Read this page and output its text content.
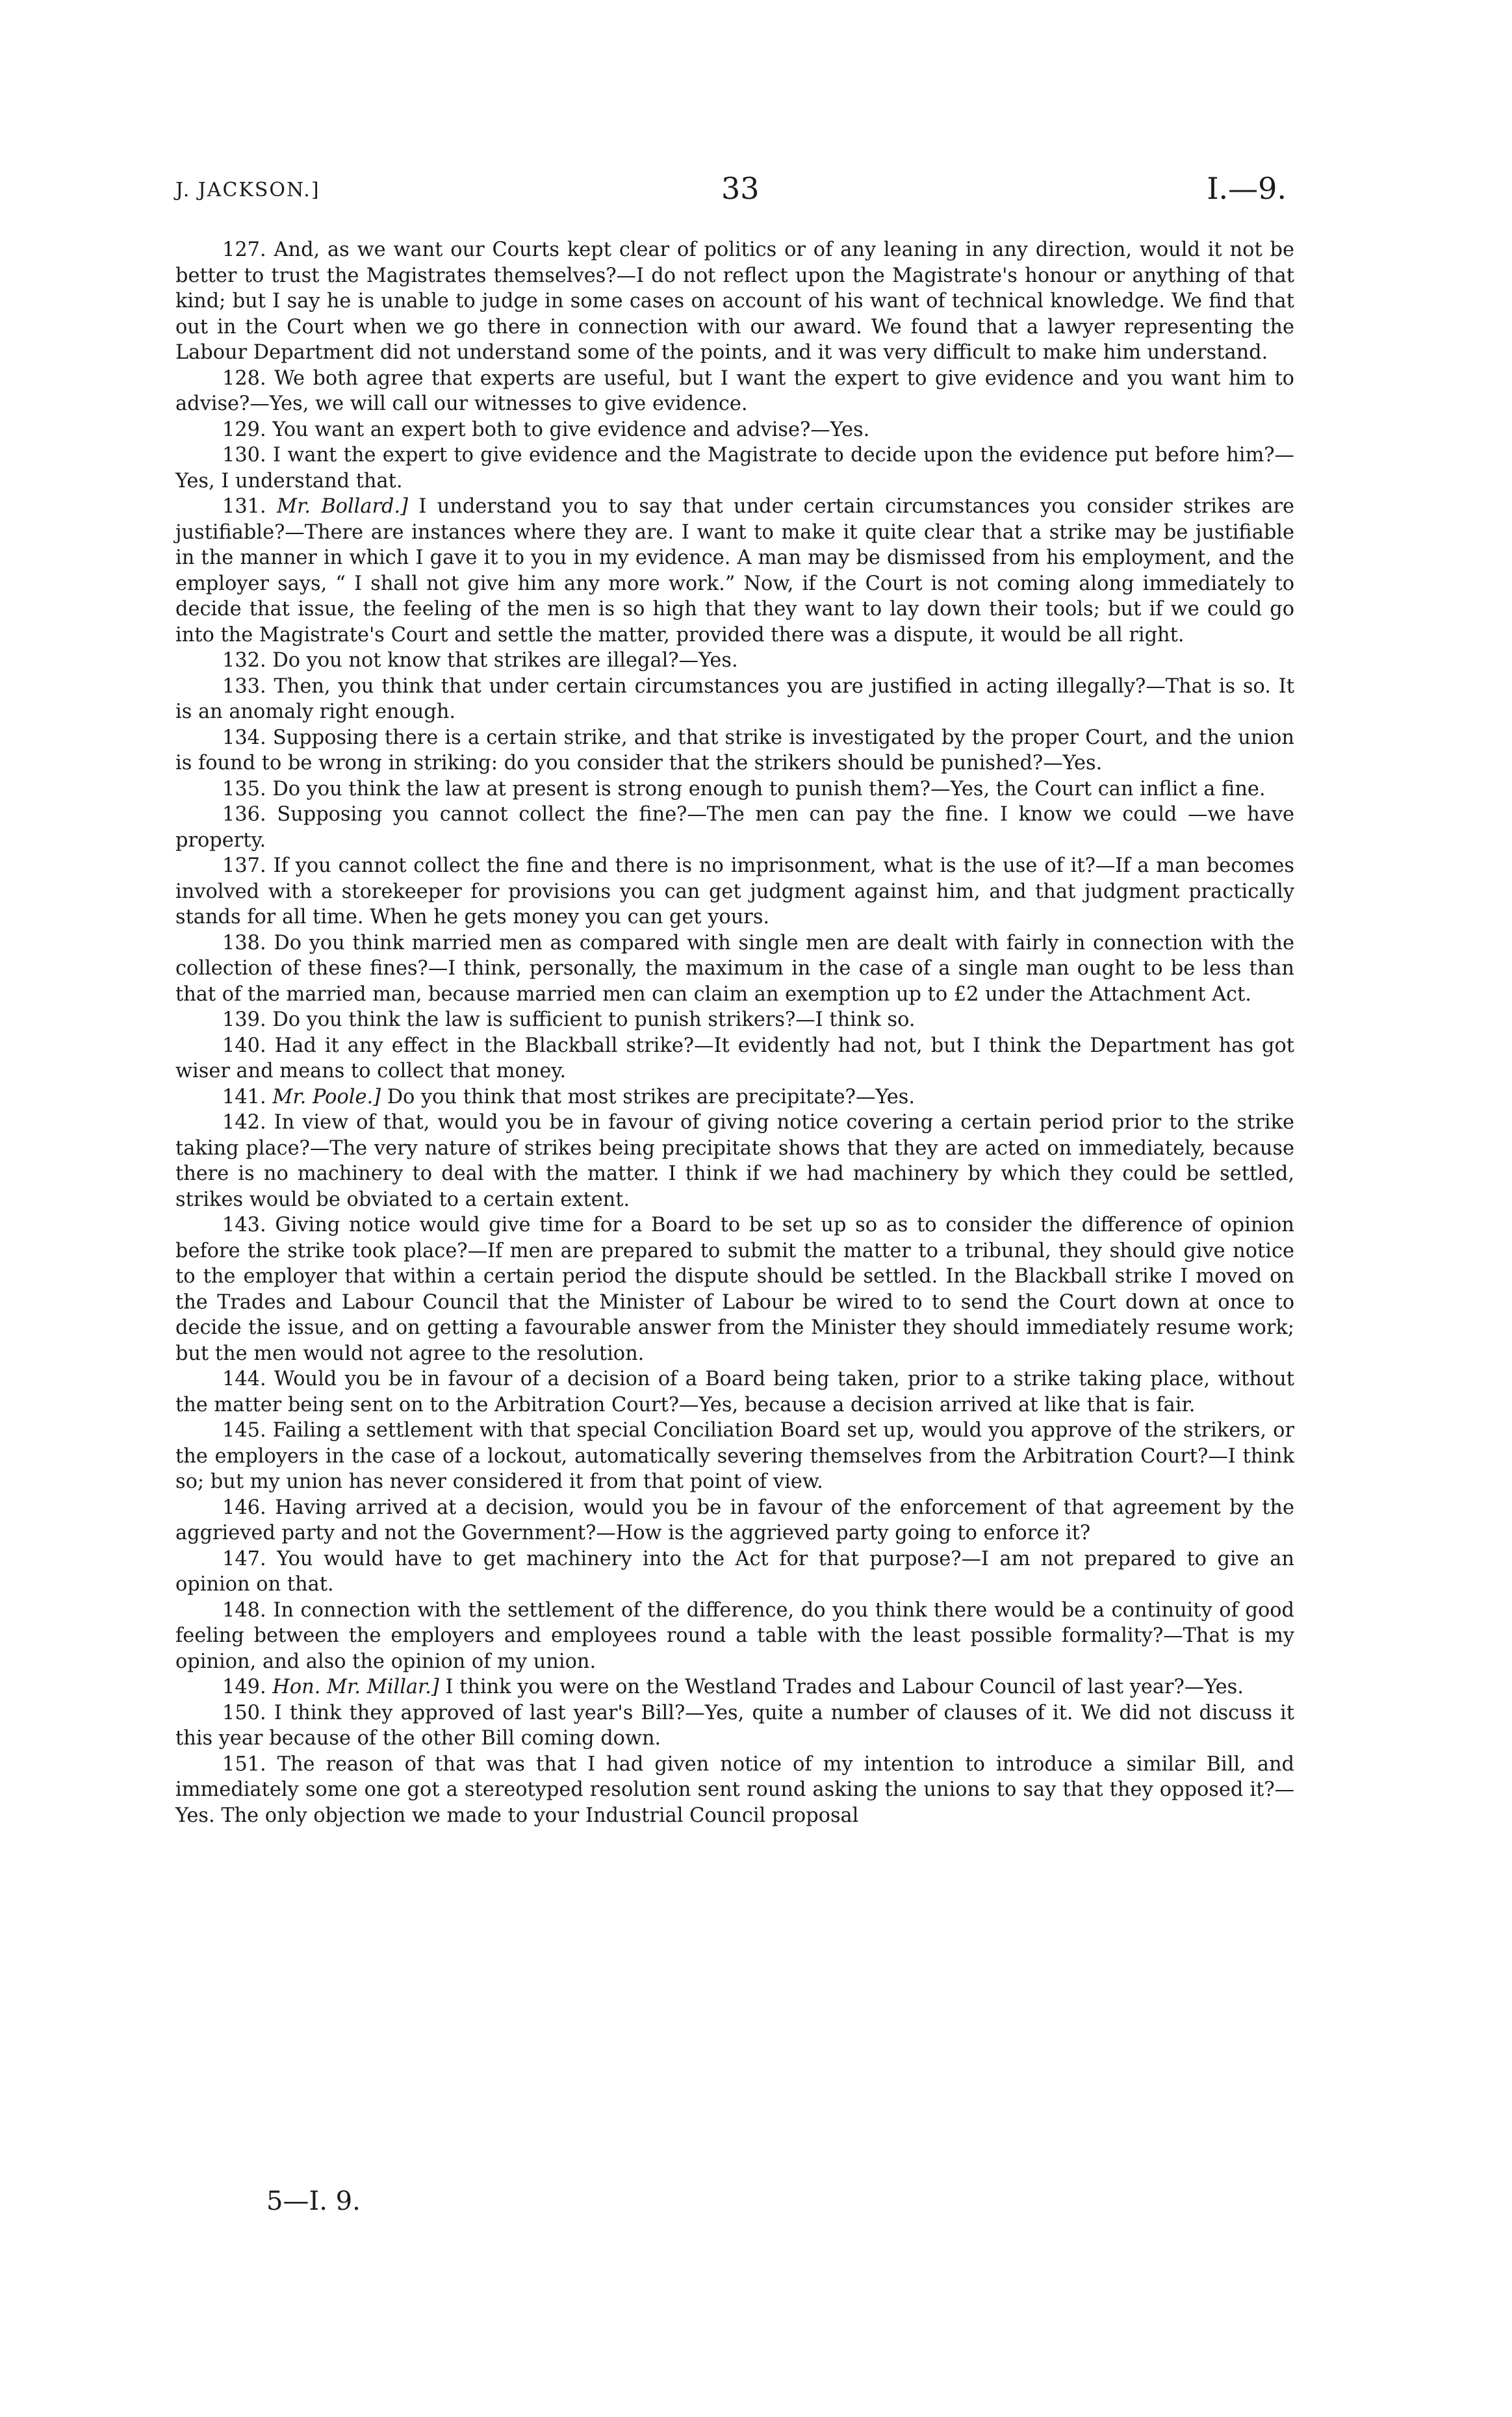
J. JACKSON.]	33	I.—9.

127. And, as we want our Courts kept clear of politics or of any leaning in any direction, would it not be better to trust the Magistrates themselves?—I do not reflect upon the Magistrate's honour or anything of that kind; but I say he is unable to judge in some cases on account of his want of technical knowledge. We find that out in the Court when we go there in connection with our award. We found that a lawyer representing the Labour Department did not understand some of the points, and it was very difficult to make him understand.

128. We both agree that experts are useful, but I want the expert to give evidence and you want him to advise?—Yes, we will call our witnesses to give evidence.

129. You want an expert both to give evidence and advise?—Yes.

130. I want the expert to give evidence and the Magistrate to decide upon the evidence put before him?—Yes, I understand that.

131. Mr. Bollard.] I understand you to say that under certain circumstances you consider strikes are justifiable?—There are instances where they are. I want to make it quite clear that a strike may be justifiable in the manner in which I gave it to you in my evidence. A man may be dismissed from his employment, and the employer says, “ I shall not give him any more work.” Now, if the Court is not coming along immediately to decide that issue, the feeling of the men is so high that they want to lay down their tools; but if we could go into the Magistrate's Court and settle the matter, provided there was a dispute, it would be all right.

132. Do you not know that strikes are illegal?—Yes.

133. Then, you think that under certain circumstances you are justified in acting illegally?—That is so. It is an anomaly right enough.

134. Supposing there is a certain strike, and that strike is investigated by the proper Court, and the union is found to be wrong in striking: do you consider that the strikers should be punished?—Yes.

135. Do you think the law at present is strong enough to punish them?—Yes, the Court can inflict a fine.

136. Supposing you cannot collect the fine?—The men can pay the fine. I know we could —we have property.

137. If you cannot collect the fine and there is no imprisonment, what is the use of it?—If a man becomes involved with a storekeeper for provisions you can get judgment against him, and that judgment practically stands for all time. When he gets money you can get yours.

138. Do you think married men as compared with single men are dealt with fairly in connection with the collection of these fines?—I think, personally, the maximum in the case of a single man ought to be less than that of the married man, because married men can claim an exemption up to £2 under the Attachment Act.

139. Do you think the law is sufficient to punish strikers?—I think so.

140. Had it any effect in the Blackball strike?—It evidently had not, but I think the Department has got wiser and means to collect that money.

141. Mr. Poole.] Do you think that most strikes are precipitate?—Yes.

142. In view of that, would you be in favour of giving notice covering a certain period prior to the strike taking place?—The very nature of strikes being precipitate shows that they are acted on immediately, because there is no machinery to deal with the matter. I think if we had machinery by which they could be settled, strikes would be obviated to a certain extent.

143. Giving notice would give time for a Board to be set up so as to consider the difference of opinion before the strike took place?—If men are prepared to submit the matter to a tribunal, they should give notice to the employer that within a certain period the dispute should be settled. In the Blackball strike I moved on the Trades and Labour Council that the Minister of Labour be wired to to send the Court down at once to decide the issue, and on getting a favourable answer from the Minister they should immediately resume work; but the men would not agree to the resolution.

144. Would you be in favour of a decision of a Board being taken, prior to a strike taking place, without the matter being sent on to the Arbitration Court?—Yes, because a decision arrived at like that is fair.

145. Failing a settlement with that special Conciliation Board set up, would you approve of the strikers, or the employers in the case of a lockout, automatically severing themselves from the Arbitration Court?—I think so; but my union has never considered it from that point of view.

146. Having arrived at a decision, would you be in favour of the enforcement of that agreement by the aggrieved party and not the Government?—How is the aggrieved party going to enforce it?

147. You would have to get machinery into the Act for that purpose?—I am not prepared to give an opinion on that.

148. In connection with the settlement of the difference, do you think there would be a continuity of good feeling between the employers and employees round a table with the least possible formality?—That is my opinion, and also the opinion of my union.

149. Hon. Mr. Millar.] I think you were on the Westland Trades and Labour Council of last year?—Yes.

150. I think they approved of last year's Bill?—Yes, quite a number of clauses of it. We did not discuss it this year because of the other Bill coming down.

151. The reason of that was that I had given notice of my intention to introduce a similar Bill, and immediately some one got a stereotyped resolution sent round asking the unions to say that they opposed it?—Yes. The only objection we made to your Industrial Council proposal

5—I. 9.
